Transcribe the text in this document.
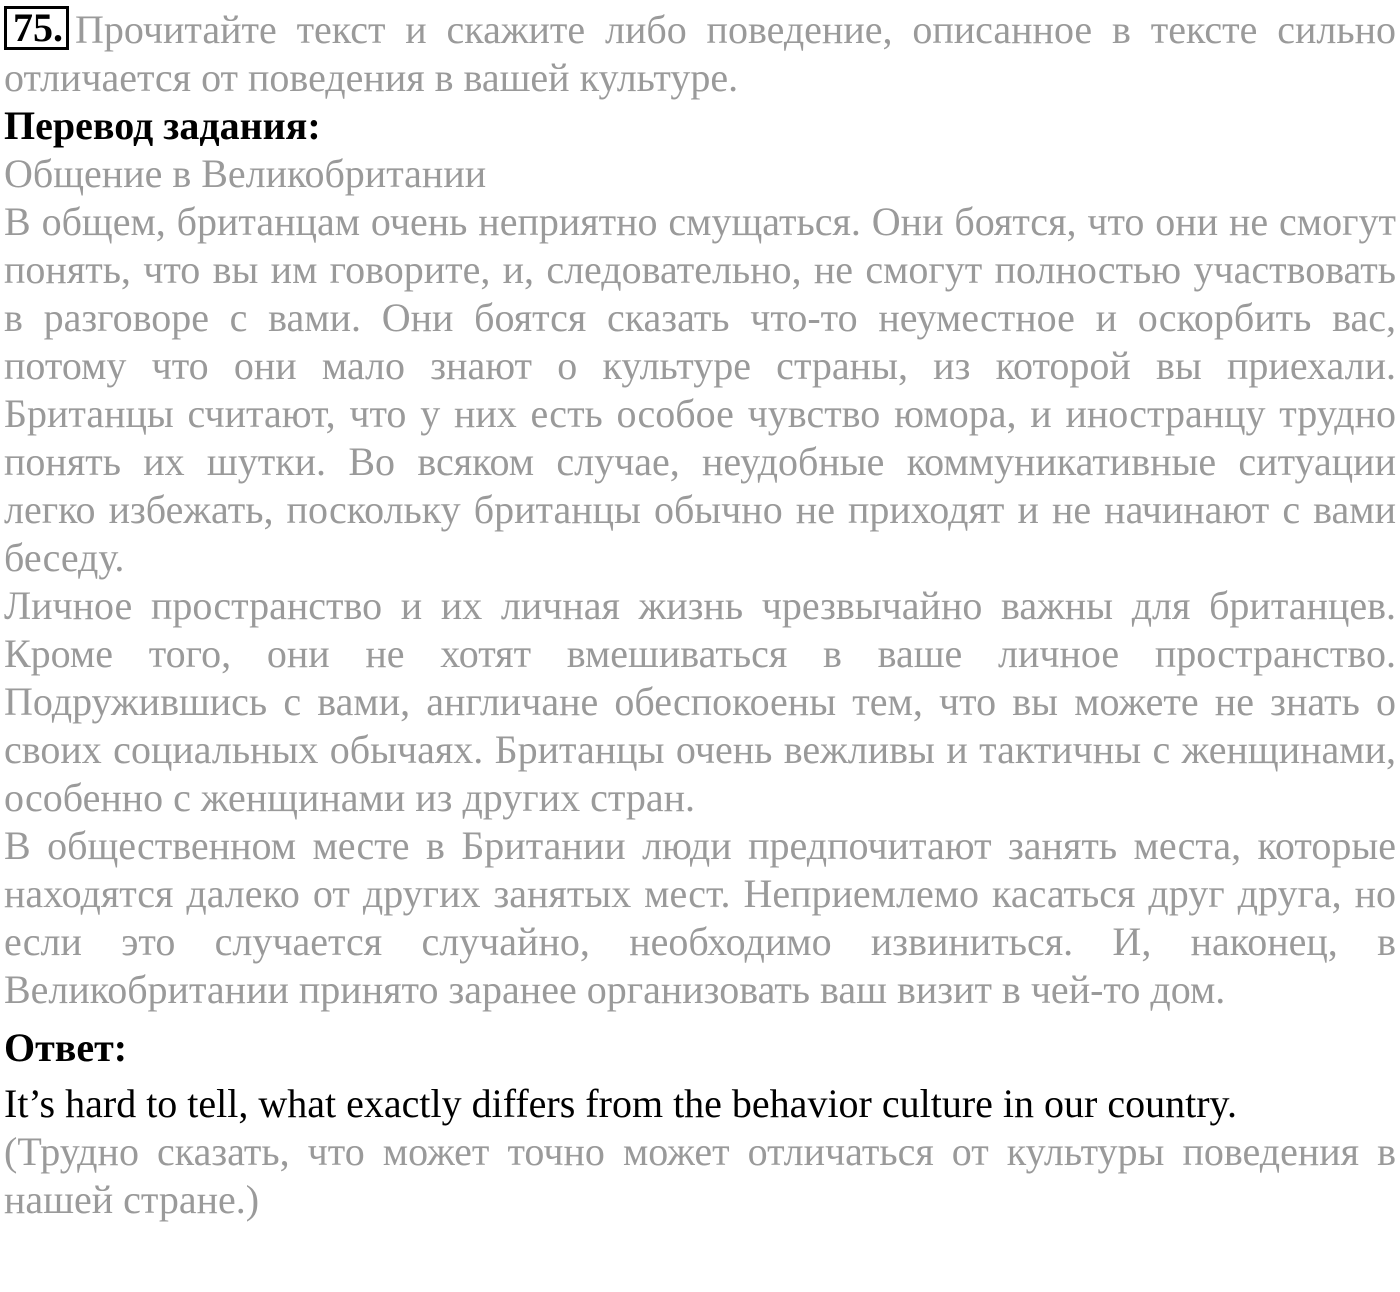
75. Прочитайте текст и скажите либо поведение, описанное в тексте сильно отличается от поведения в вашей культуре.

Перевод задания:

Общение в Великобритании

В общем, британцам очень неприятно смущаться. Они боятся, что они не смогут понять, что вы им говорите, и, следовательно, не смогут полностью участвовать в разговоре с вами. Они боятся сказать что-то неуместное и оскорбить вас, потому что они мало знают о культуре страны, из которой вы приехали. Британцы считают, что у них есть особое чувство юмора, и иностранцу трудно понять их шутки. Во всяком случае, неудобные коммуникативные ситуации легко избежать, поскольку британцы обычно не приходят и не начинают с вами беседу.

Личное пространство и их личная жизнь чрезвычайно важны для британцев. Кроме того, они не хотят вмешиваться в ваше личное пространство. Подружившись с вами, англичане обеспокоены тем, что вы можете не знать о своих социальных обычаях. Британцы очень вежливы и тактичны с женщинами, особенно с женщинами из других стран.

В общественном месте в Британии люди предпочитают занять места, которые находятся далеко от других занятых мест. Неприемлемо касаться друг друга, но если это случается случайно, необходимо извиниться. И, наконец, в Великобритании принято заранее организовать ваш визит в чей-то дом.

Ответ:

It’s hard to tell, what exactly differs from the behavior culture in our country.

(Трудно сказать, что может точно может отличаться от культуры поведения в нашей стране.)
